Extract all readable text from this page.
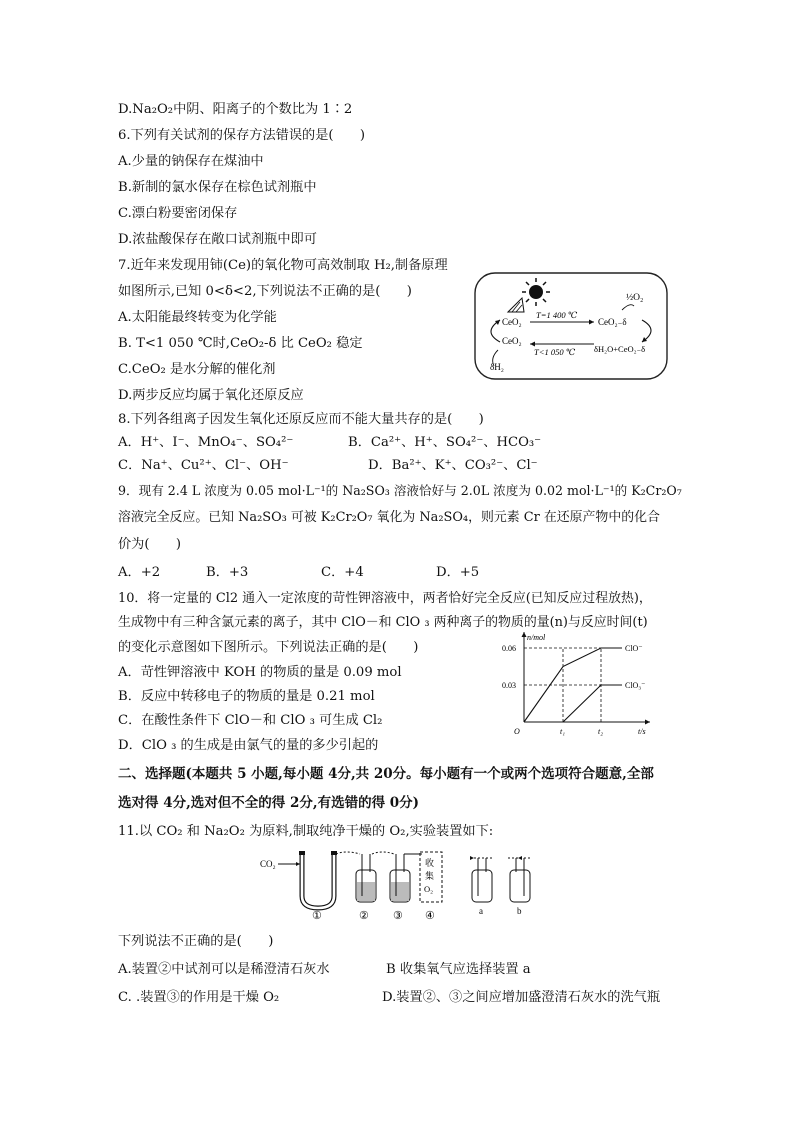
D.Na₂O₂中阴、阳离子的个数比为 1∶2
6.下列有关试剂的保存方法错误的是(　　)
A.少量的钠保存在煤油中
B.新制的氯水保存在棕色试剂瓶中
C.漂白粉要密闭保存
D.浓盐酸保存在敞口试剂瓶中即可
7.近年来发现用铈(Ce)的氧化物可高效制取 H₂,制备原理
如图所示,已知 0<δ<2,下列说法不正确的是(　　)
A.太阳能最终转变为化学能
B. T<1 050 ℃时,CeO₂-δ 比 CeO₂ 稳定
C.CeO₂ 是水分解的催化剂
D.两步反应均属于氧化还原反应
8.下列各组离子因发生氧化还原反应而不能大量共存的是(　　)
A．H⁺、I⁻、MnO₄⁻、SO₄²⁻	B．Ca²⁺、H⁺、SO₄²⁻、HCO₃⁻
C．Na⁺、Cu²⁺、Cl⁻、OH⁻	D．Ba²⁺、K⁺、CO₃²⁻、Cl⁻
9．现有 2.4 L 浓度为 0.05 mol·L⁻¹的 Na₂SO₃ 溶液恰好与 2.0L 浓度为 0.02 mol·L⁻¹的 K₂Cr₂O₇
溶液完全反应。已知 Na₂SO₃ 可被 K₂Cr₂O₇ 氧化为 Na₂SO₄，则元素 Cr 在还原产物中的化合
价为(　　)
A．+2	B．+3	C．+4	D．+5
10．将一定量的 Cl2 通入一定浓度的苛性钾溶液中，两者恰好完全反应(已知反应过程放热)，
生成物中有三种含氯元素的离子，其中 ClO－和 ClO ₃ 两种离子的物质的量(n)与反应时间(t)
的变化示意图如下图所示。下列说法正确的是(　　)
A．苛性钾溶液中 KOH 的物质的量是 0.09 mol
B．反应中转移电子的物质的量是 0.21 mol
C．在酸性条件下 ClO－和 ClO ₃ 可生成 Cl₂
D．ClO ₃ 的生成是由氯气的量的多少引起的
二、选择题(本题共 5 小题,每小题 4分,共 20分。每小题有一个或两个选项符合题意,全部
选对得 4分,选对但不全的得 2分,有选错的得 0分)
11.以 CO₂ 和 Na₂O₂ 为原料,制取纯净干燥的 O₂,实验装置如下:
下列说法不正确的是(　　)
A.装置②中试剂可以是稀澄清石灰水	B 收集氧气应选择装置 a
C. .装置③的作用是干燥 O₂	D.装置②、③之间应增加盛澄清石灰水的洗气瓶
½O₂
CeO₂
T=1 400 ℃
CeO₂₋δ
CeO₂
T<1 050 ℃ δH₂O+CeO₂₋δ
δH₂
n/mol
t/s
0.06
0.03
O	t₁	t₂
ClO⁻
ClO₃⁻
CO₂	收
集
O₂
①	② ③ ④	a	b
